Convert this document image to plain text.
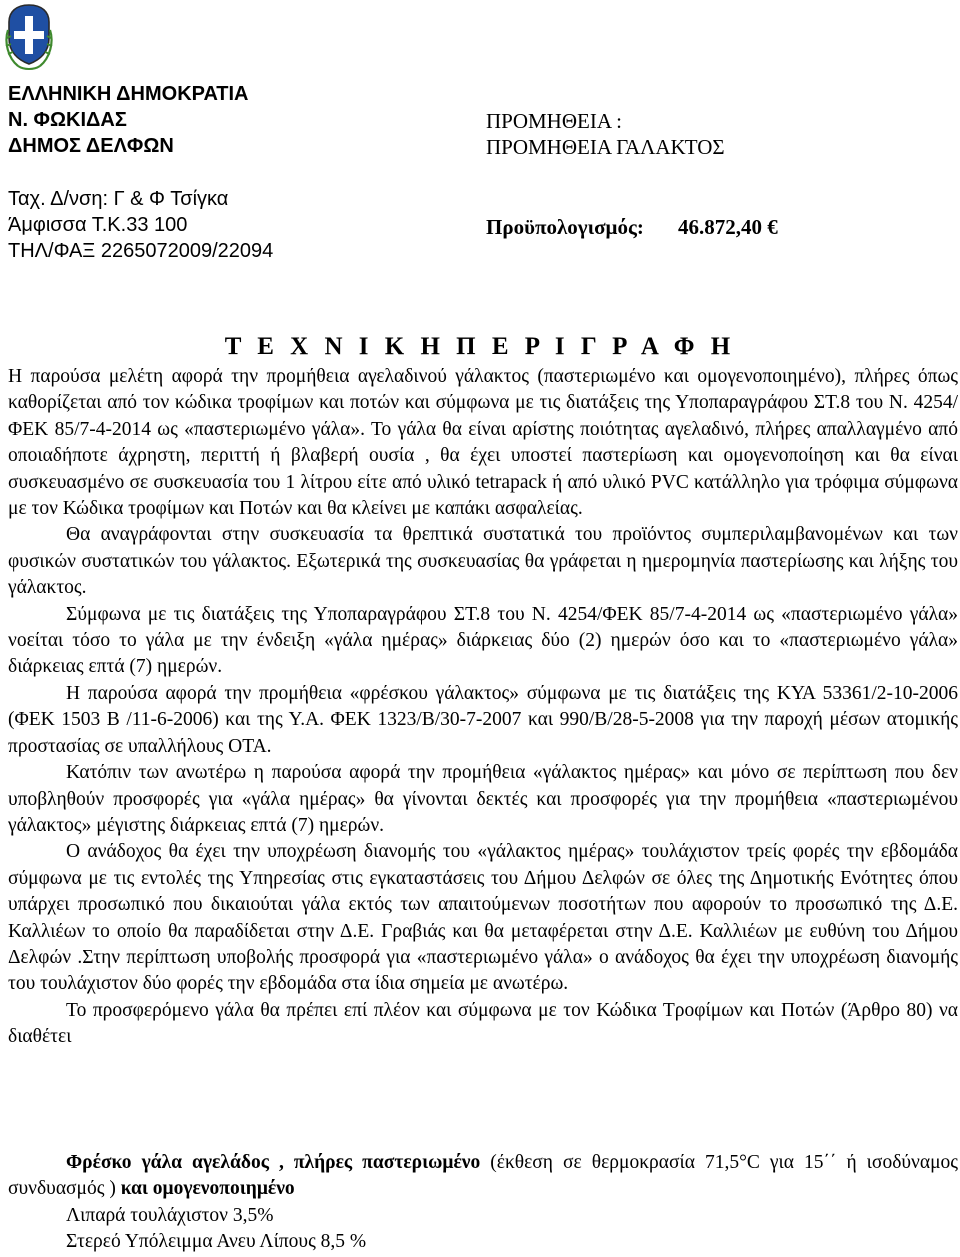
ΕΛΛΗΝΙΚΗ ΔΗΜΟΚΡΑΤΙΑ
Ν. ΦΩΚΙΔΑΣ
ΔΗΜΟΣ ΔΕΛΦΩΝ
ΠΡΟΜΗΘΕΙΑ :
ΠΡΟΜΗΘΕΙΑ ΓΑΛΑΚΤΟΣ
Ταχ. Δ/νση: Γ & Φ Τσίγκα
Άμφισσα Τ.Κ.33 100
ΤΗΛ/ΦΑΞ 2265072009/22094
Προϋπολογισμός: 46.872,40 €
Τ Ε Χ Ν Ι Κ Η Π Ε Ρ Ι Γ Ρ Α Φ Η

Η παρούσα μελέτη αφορά την προμήθεια αγελαδινού γάλακτος (παστεριωμένο και ομογενοποιημένο), πλήρες όπως καθορίζεται από τον κώδικα τροφίμων και ποτών και σύμφωνα με τις διατάξεις της Υποπαραγράφου ΣΤ.8 του Ν. 4254/ΦΕΚ 85/7-4-2014 ως «παστεριωμένο γάλα». Το γάλα θα είναι αρίστης ποιότητας αγελαδινό, πλήρες απαλλαγμένο από οποιαδήποτε άχρηστη, περιττή ή βλαβερή ουσία , θα έχει υποστεί παστερίωση και ομογενοποίηση και θα είναι συσκευασμένο σε συσκευασία του 1 λίτρου είτε από υλικό tetrapack ή από υλικό PVC κατάλληλο για τρόφιμα σύμφωνα με τον Κώδικα τροφίμων και Ποτών και θα κλείνει με καπάκι ασφαλείας.

Θα αναγράφονται στην συσκευασία τα θρεπτικά συστατικά του προϊόντος συμπεριλαμβανομένων και των φυσικών συστατικών του γάλακτος. Εξωτερικά της συσκευασίας θα γράφεται η ημερομηνία παστερίωσης και λήξης του γάλακτος.

Σύμφωνα με τις διατάξεις της Υποπαραγράφου ΣΤ.8 του Ν. 4254/ΦΕΚ 85/7-4-2014 ως «παστεριωμένο γάλα» νοείται τόσο το γάλα με την ένδειξη «γάλα ημέρας» διάρκειας δύο (2) ημερών όσο και το «παστεριωμένο γάλα» διάρκειας επτά (7) ημερών.

Η παρούσα αφορά την προμήθεια «φρέσκου γάλακτος» σύμφωνα με τις διατάξεις της ΚΥΑ 53361/2-10-2006 (ΦΕΚ 1503 Β /11-6-2006) και της Υ.Α. ΦΕΚ 1323/Β/30-7-2007 και 990/Β/28-5-2008 για την παροχή μέσων ατομικής προστασίας σε υπαλλήλους ΟΤΑ.

Κατόπιν των ανωτέρω η παρούσα αφορά την προμήθεια «γάλακτος ημέρας» και μόνο σε περίπτωση που δεν υποβληθούν προσφορές για «γάλα ημέρας» θα γίνονται δεκτές και προσφορές για την προμήθεια «παστεριωμένου γάλακτος» μέγιστης διάρκειας επτά (7) ημερών.

Ο ανάδοχος θα έχει την υποχρέωση διανομής του «γάλακτος ημέρας» τουλάχιστον τρείς φορές την εβδομάδα σύμφωνα με τις εντολές της Υπηρεσίας στις εγκαταστάσεις του Δήμου Δελφών σε όλες της Δημοτικής Ενότητες όπου υπάρχει προσωπικό που δικαιούται γάλα εκτός των απαιτούμενων ποσοτήτων που αφορούν το προσωπικό της Δ.Ε. Καλλιέων το οποίο θα παραδίδεται στην Δ.Ε. Γραβιάς και θα μεταφέρεται στην Δ.Ε. Καλλιέων με ευθύνη του Δήμου Δελφών .Στην περίπτωση υποβολής προσφορά για «παστεριωμένο γάλα» ο ανάδοχος θα έχει την υποχρέωση διανομής του τουλάχιστον δύο φορές την εβδομάδα στα ίδια σημεία με ανωτέρω.

Το προσφερόμενο γάλα θα πρέπει επί πλέον και σύμφωνα με τον Κώδικα Τροφίμων και Ποτών (Άρθρο 80) να διαθέτει

Φρέσκο γάλα αγελάδος , πλήρες παστεριωμένο (έκθεση σε θερμοκρασία 71,5°C για 15΄΄ ή ισοδύναμος συνδυασμός ) και ομογενοποιημένο

Λιπαρά τουλάχιστον 3,5%

Στερεό Υπόλειμμα Ανευ Λίπους 8,5 %
